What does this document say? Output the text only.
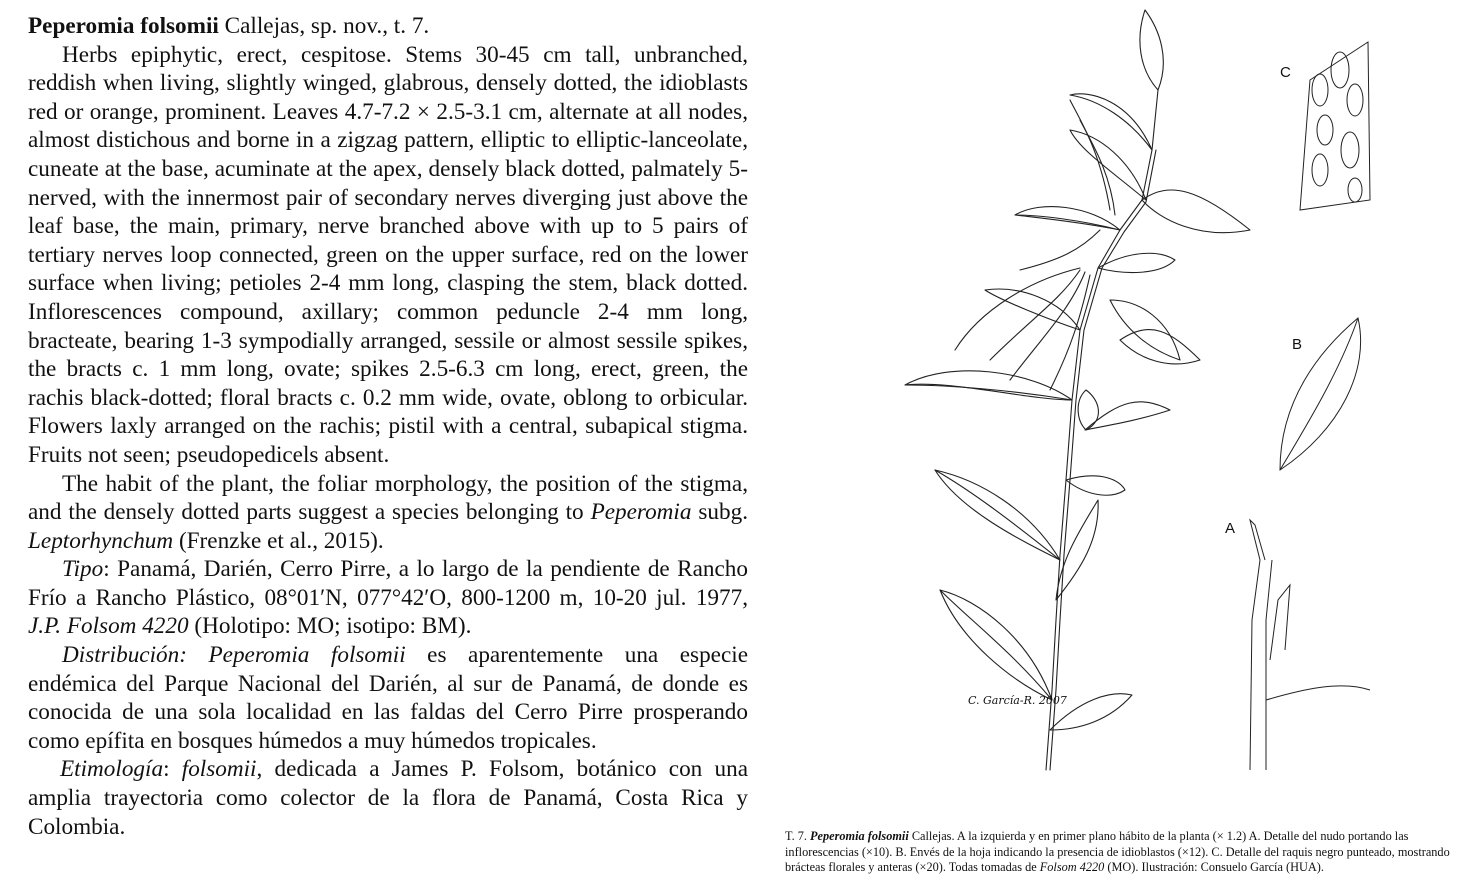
Peperomia folsomii Callejas, sp. nov., t. 7.

Herbs epiphytic, erect, cespitose. Stems 30-45 cm tall, unbranched, reddish when living, slightly winged, glabrous, densely dotted, the idioblasts red or orange, prominent. Leaves 4.7-7.2 × 2.5-3.1 cm, alternate at all nodes, almost distichous and borne in a zigzag pattern, elliptic to elliptic-lanceolate, cuneate at the base, acuminate at the apex, densely black dotted, palmately 5-nerved, with the innermost pair of secondary nerves diverging just above the leaf base, the main, primary, nerve branched above with up to 5 pairs of tertiary nerves loop connected, green on the upper surface, red on the lower surface when living; petioles 2-4 mm long, clasping the stem, black dotted. Inflorescences compound, axillary; common peduncle 2-4 mm long, bracteate, bearing 1-3 sympodially arranged, sessile or almost sessile spikes, the bracts c. 1 mm long, ovate; spikes 2.5-6.3 cm long, erect, green, the rachis black-dotted; floral bracts c. 0.2 mm wide, ovate, oblong to orbicular. Flowers laxly arranged on the rachis; pistil with a central, subapical stigma. Fruits not seen; pseudopedicels absent.

The habit of the plant, the foliar morphology, the position of the stigma, and the densely dotted parts suggest a species belonging to Peperomia subg. Leptorhynchum (Frenzke et al., 2015).

Tipo: Panamá, Darién, Cerro Pirre, a lo largo de la pendiente de Rancho Frío a Rancho Plástico, 08°01′N, 077°42′O, 800-1200 m, 10-20 jul. 1977, J.P. Folsom 4220 (Holotipo: MO; isotipo: BM).

Distribución: Peperomia folsomii es aparentemente una especie endémica del Parque Nacional del Darién, al sur de Panamá, de donde es conocida de una sola localidad en las faldas del Cerro Pirre prosperando como epífita en bosques húmedos a muy húmedos tropicales.

Etimología: folsomii, dedicada a James P. Folsom, botánico con una amplia trayectoria como colector de la flora de Panamá, Costa Rica y Colombia.

C
B
A
C. García-R. 2007

T. 7. Peperomia folsomii Callejas. A la izquierda y en primer plano hábito de la planta (× 1.2) A. Detalle del nudo portando las inflorescencias (×10). B. Envés de la hoja indicando la presencia de idioblastos (×12). C. Detalle del raquis negro punteado, mostrando brácteas florales y anteras (×20). Todas tomadas de Folsom 4220 (MO). Ilustración: Consuelo García (HUA).
